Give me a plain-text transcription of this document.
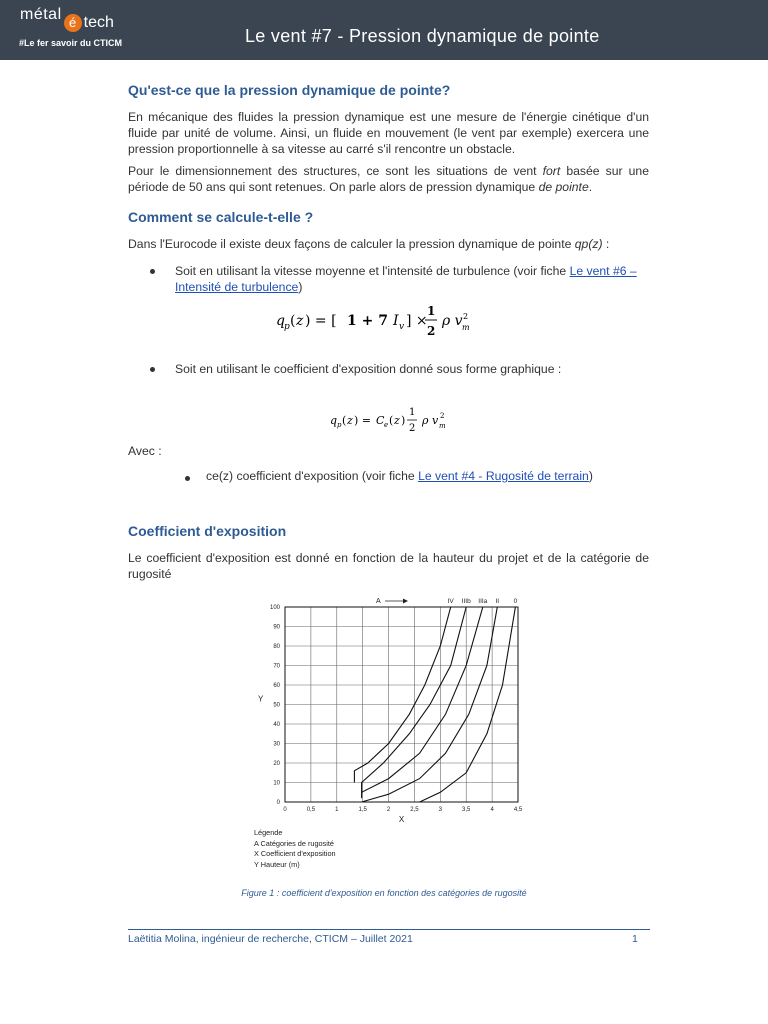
métal é tech
#Le fer savoir du CTICM	Le vent #7 - Pression dynamique de pointe
Qu'est-ce que la pression dynamique de pointe?
En mécanique des fluides la pression dynamique est une mesure de l'énergie cinétique d'un fluide par unité de volume. Ainsi, un fluide en mouvement (le vent par exemple) exercera une pression proportionnelle à sa vitesse au carré s'il rencontre un obstacle.
Pour le dimensionnement des structures, ce sont les situations de vent fort basée sur une période de 50 ans qui sont retenues. On parle alors de pression dynamique de pointe.
Comment se calcule-t-elle ?
Dans l'Eurocode il existe deux façons de calculer la pression dynamique de pointe qp(z) :
Soit en utilisant la vitesse moyenne et l'intensité de turbulence (voir fiche Le vent #6 – Intensité de turbulence)
q p ( z ) = [ 1 + 7 I v ] ×
1
2
ρ v 2
m
Soit en utilisant le coefficient d'exposition donné sous forme graphique :
q p ( z ) = C e ( z )
1
2
ρ v 2
m
Avec :
ce(z) coefficient d'exposition (voir fiche Le vent #4 - Rugosité de terrain)
Coefficient d'exposition
Le coefficient d'exposition est donné en fonction de la hauteur du projet et de la catégorie de rugosité
0	0,5	1	1,5	2	2,5	3	3,5	4	4,5
0
10
20
30
40
50
60
70
80
90
100
X
Y
A	IV IIIb IIIa II 0
Légende
A Catégories de rugosité
X Coefficient d'exposition
Y Hauteur (m)
Figure 1 : coefficient d'exposition en fonction des catégories de rugosité
Laëtitia Molina, ingénieur de recherche, CTICM – Juillet 2021	1
